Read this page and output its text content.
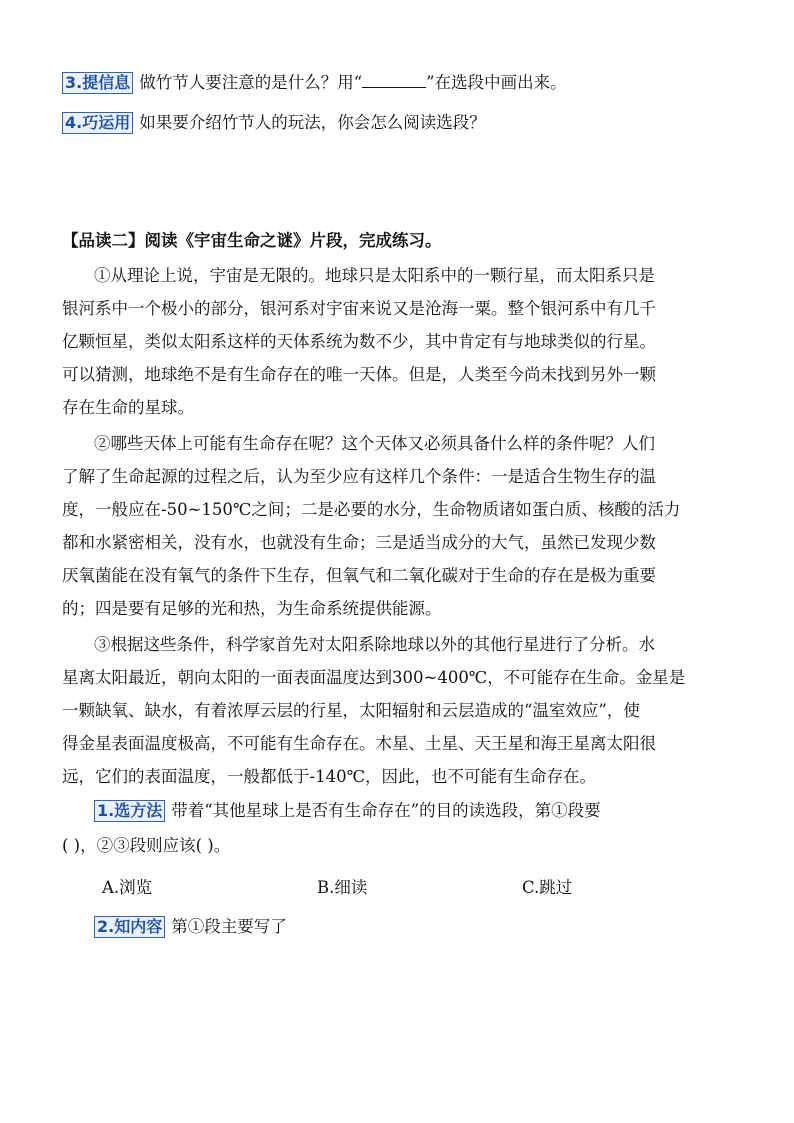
3.提信息 做竹节人要注意的是什么？用“	”在选段中画出来。
4.巧运用 如果要介绍竹节人的玩法，你会怎么阅读选段？
【品读二】阅读《宇宙生命之谜》片段，完成练习。
①从理论上说，宇宙是无限的。地球只是太阳系中的一颗行星，而太阳系只是
银河系中一个极小的部分，银河系对宇宙来说又是沧海一粟。整个银河系中有几千
亿颗恒星，类似太阳系这样的天体系统为数不少，其中肯定有与地球类似的行星。
可以猜测，地球绝不是有生命存在的唯一天体。但是，人类至今尚未找到另外一颗
存在生命的星球。
②哪些天体上可能有生命存在呢？这个天体又必须具备什么样的条件呢？人们
了解了生命起源的过程之后，认为至少应有这样几个条件：一是适合生物生存的温
度，一般应在-50~150℃之间；二是必要的水分，生命物质诸如蛋白质、核酸的活力
都和水紧密相关，没有水，也就没有生命；三是适当成分的大气，虽然已发现少数
厌氧菌能在没有氧气的条件下生存，但氧气和二氧化碳对于生命的存在是极为重要
的；四是要有足够的光和热，为生命系统提供能源。
③根据这些条件，科学家首先对太阳系除地球以外的其他行星进行了分析。水
星离太阳最近，朝向太阳的一面表面温度达到300~400℃，不可能存在生命。金星是
一颗缺氧、缺水，有着浓厚云层的行星，太阳辐射和云层造成的“温室效应”，使
得金星表面温度极高，不可能有生命存在。木星、土星、天王星和海王星离太阳很
远，它们的表面温度，一般都低于-140℃，因此，也不可能有生命存在。
1.选方法 带着“其他星球上是否有生命存在”的目的读选段，第①段要
( )，②③段则应该( )。
A.浏览	B.细读	C.跳过
2.知内容 第①段主要写了
